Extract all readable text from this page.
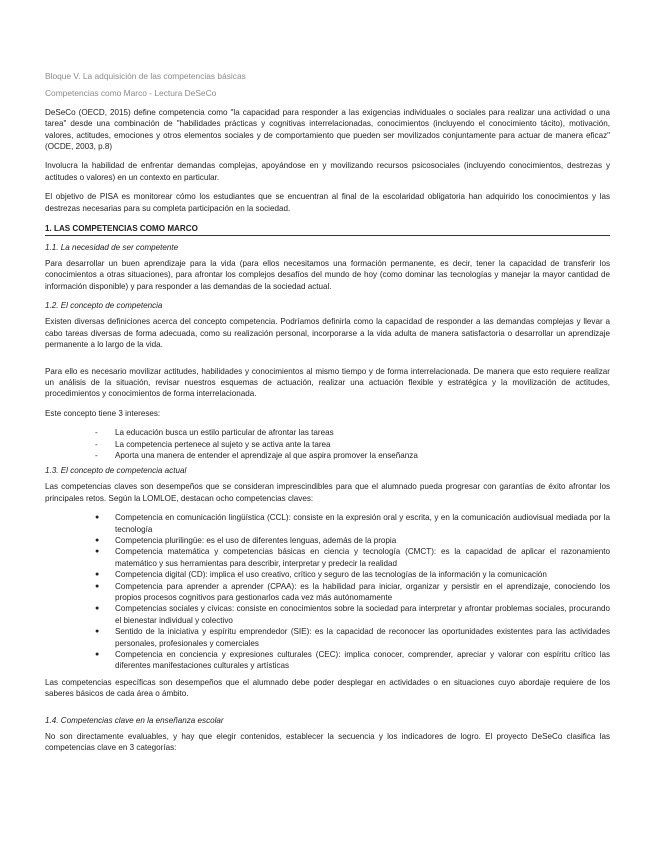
Bloque V. La adquisición de las competencias básicas
Competencias como Marco - Lectura DeSeCo

DeSeCo (OECD, 2015) define competencia como "la capacidad para responder a las exigencias individuales o sociales para realizar una actividad o una tarea" desde una combinación de "habilidades prácticas y cognitivas interrelacionadas, conocimientos (incluyendo el conocimiento tácito), motivación, valores, actitudes, emociones y otros elementos sociales y de comportamiento que pueden ser movilizados conjuntamente para actuar de manera eficaz" (OCDE, 2003, p.8)

Involucra la habilidad de enfrentar demandas complejas, apoyándose en y movilizando recursos psicosociales (incluyendo conocimientos, destrezas y actitudes o valores) en un contexto en particular.

El objetivo de PISA es monitorear cómo los estudiantes que se encuentran al final de la escolaridad obligatoria han adquirido los conocimientos y las destrezas necesarias para su completa participación en la sociedad.

1. LAS COMPETENCIAS COMO MARCO
1.1. La necesidad de ser competente

Para desarrollar un buen aprendizaje para la vida (para ellos necesitamos una formación permanente, es decir, tener la capacidad de transferir los conocimientos a otras situaciones), para afrontar los complejos desafíos del mundo de hoy (como dominar las tecnologías y manejar la mayor cantidad de información disponible) y para responder a las demandas de la sociedad actual.

1.2. El concepto de competencia

Existen diversas definiciones acerca del concepto competencia. Podríamos definirla como la capacidad de responder a las demandas complejas y llevar a cabo tareas diversas de forma adecuada, como su realización personal, incorporarse a la vida adulta de manera satisfactoria o desarrollar un aprendizaje permanente a lo largo de la vida.

Para ello es necesario movilizar actitudes, habilidades y conocimientos al mismo tiempo y de forma interrelacionada. De manera que esto requiere realizar un análisis de la situación, revisar nuestros esquemas de actuación, realizar una actuación flexible y estratégica y la movilización de actitudes, procedimientos y conocimientos de forma interrelacionada.

Este concepto tiene 3 intereses:

- La educación busca un estilo particular de afrontar las tareas
- La competencia pertenece al sujeto y se activa ante la tarea
- Aporta una manera de entender el aprendizaje al que aspira promover la enseñanza
1.3. El concepto de competencia actual

Las competencias claves son desempeños que se consideran imprescindibles para que el alumnado pueda progresar con garantías de éxito afrontar los principales retos. Según la LOMLOE, destacan ocho competencias claves:

● Competencia en comunicación lingüística (CCL): consiste en la expresión oral y escrita, y en la comunicación audiovisual mediada por la tecnología
● Competencia plurilingüe: es el uso de diferentes lenguas, además de la propia
● Competencia matemática y competencias básicas en ciencia y tecnología (CMCT): es la capacidad de aplicar el razonamiento matemático y sus herramientas para describir, interpretar y predecir la realidad
● Competencia digital (CD): implica el uso creativo, crítico y seguro de las tecnologías de la información y la comunicación
● Competencia para aprender a aprender (CPAA): es la habilidad para iniciar, organizar y persistir en el aprendizaje, conociendo los propios procesos cognitivos para gestionarlos cada vez más autónomamente
● Competencias sociales y cívicas: consiste en conocimientos sobre la sociedad para interpretar y afrontar problemas sociales, procurando el bienestar individual y colectivo
● Sentido de la iniciativa y espíritu emprendedor (SIE): es la capacidad de reconocer las oportunidades existentes para las actividades personales, profesionales y comerciales
● Competencia en conciencia y expresiones culturales (CEC): implica conocer, comprender, apreciar y valorar con espíritu crítico las diferentes manifestaciones culturales y artísticas

Las competencias específicas son desempeños que el alumnado debe poder desplegar en actividades o en situaciones cuyo abordaje requiere de los saberes básicos de cada área o ámbito.

1.4. Competencias clave en la enseñanza escolar

No son directamente evaluables, y hay que elegir contenidos, establecer la secuencia y los indicadores de logro. El proyecto DeSeCo clasifica las competencias clave en 3 categorías:
